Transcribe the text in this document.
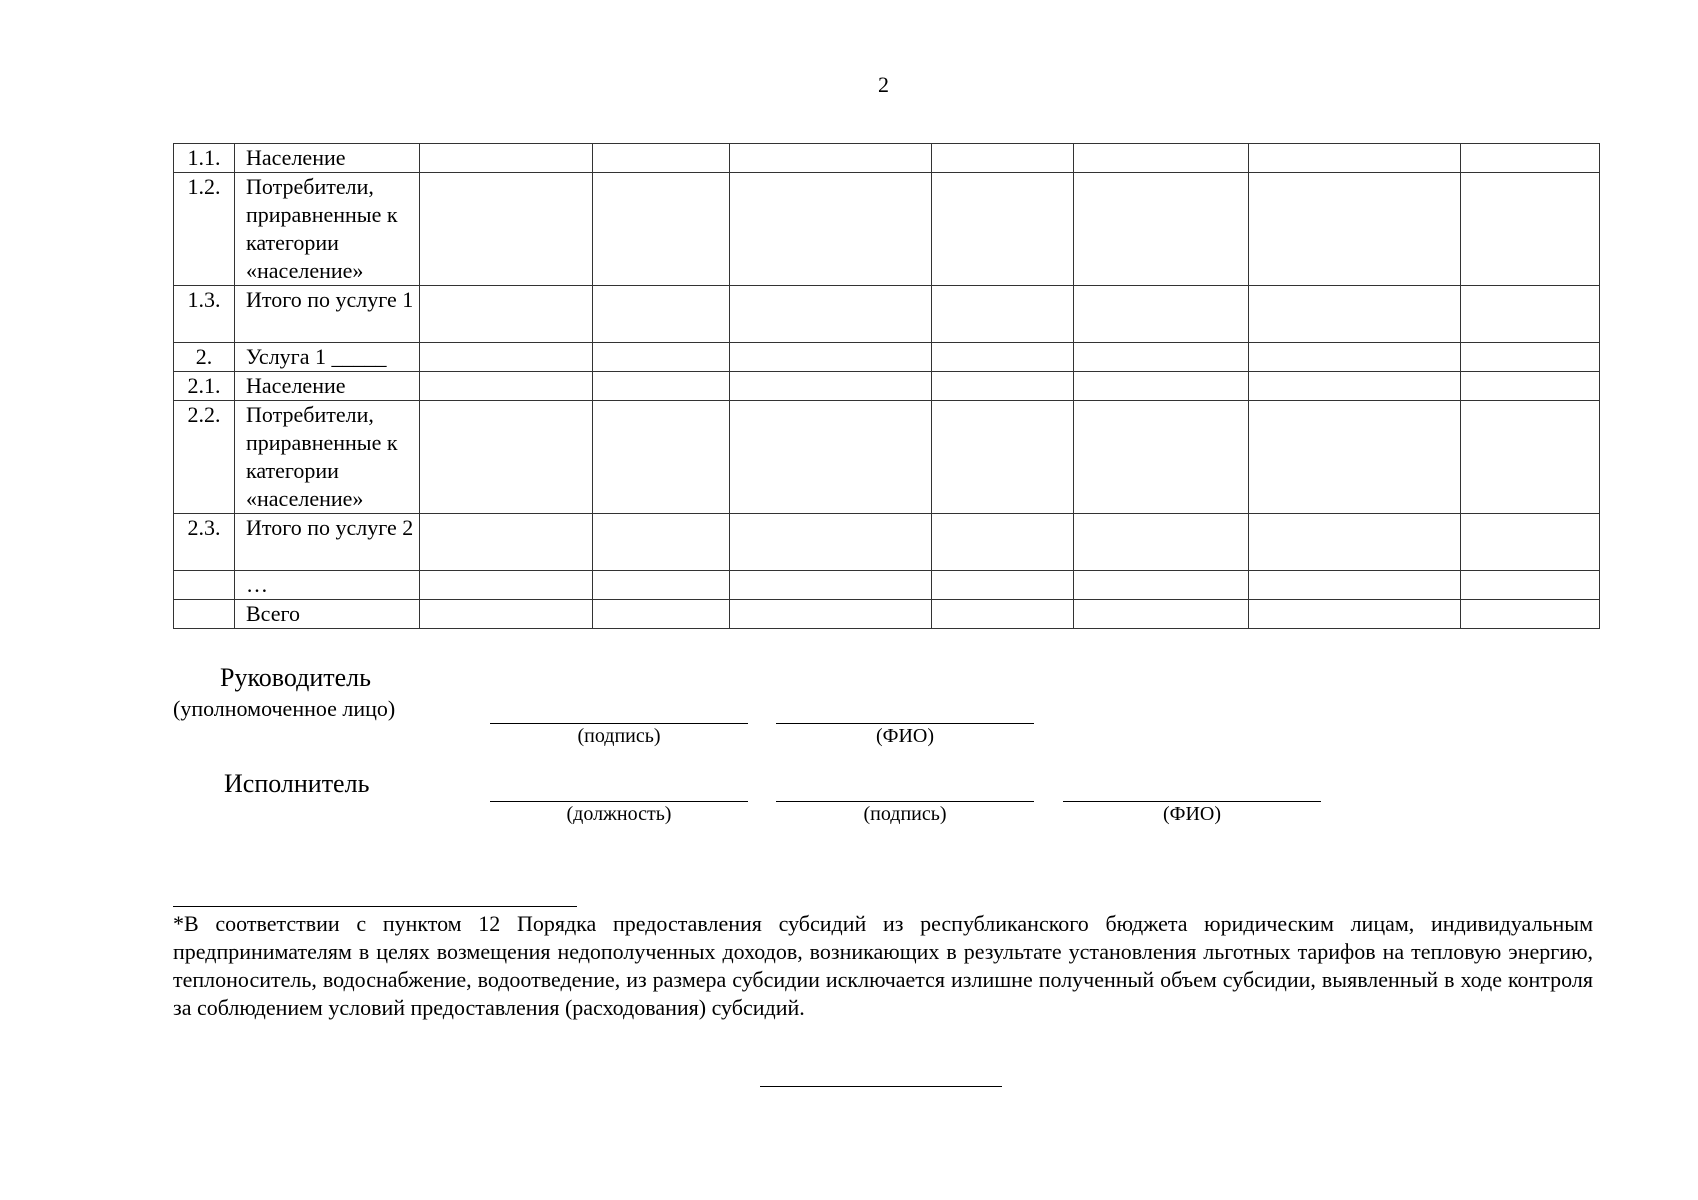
2
1.1.	Население							
1.2.	Потребители, приравненные к категории «население»							
1.3.	Итого по услуге 1							
2.	Услуга 1 _____							
2.1.	Население							
2.2.	Потребители, приравненные к категории «население»							
2.3.	Итого по услуге 2							
	…							
	Всего							
Руководитель
(уполномоченное лицо)
(подпись)	(ФИО)
Исполнитель
(должность)	(подпись)	(ФИО)
*В соответствии с пунктом 12 Порядка предоставления субсидий из республиканского бюджета юридическим лицам, индивидуальным предпринимателям в целях возмещения недополученных доходов, возникающих в результате установления льготных тарифов на тепловую энергию, теплоноситель, водоснабжение, водоотведение, из размера субсидии исключается излишне полученный объем субсидии, выявленный в ходе контроля за соблюдением условий предоставления (расходования) субсидий.
